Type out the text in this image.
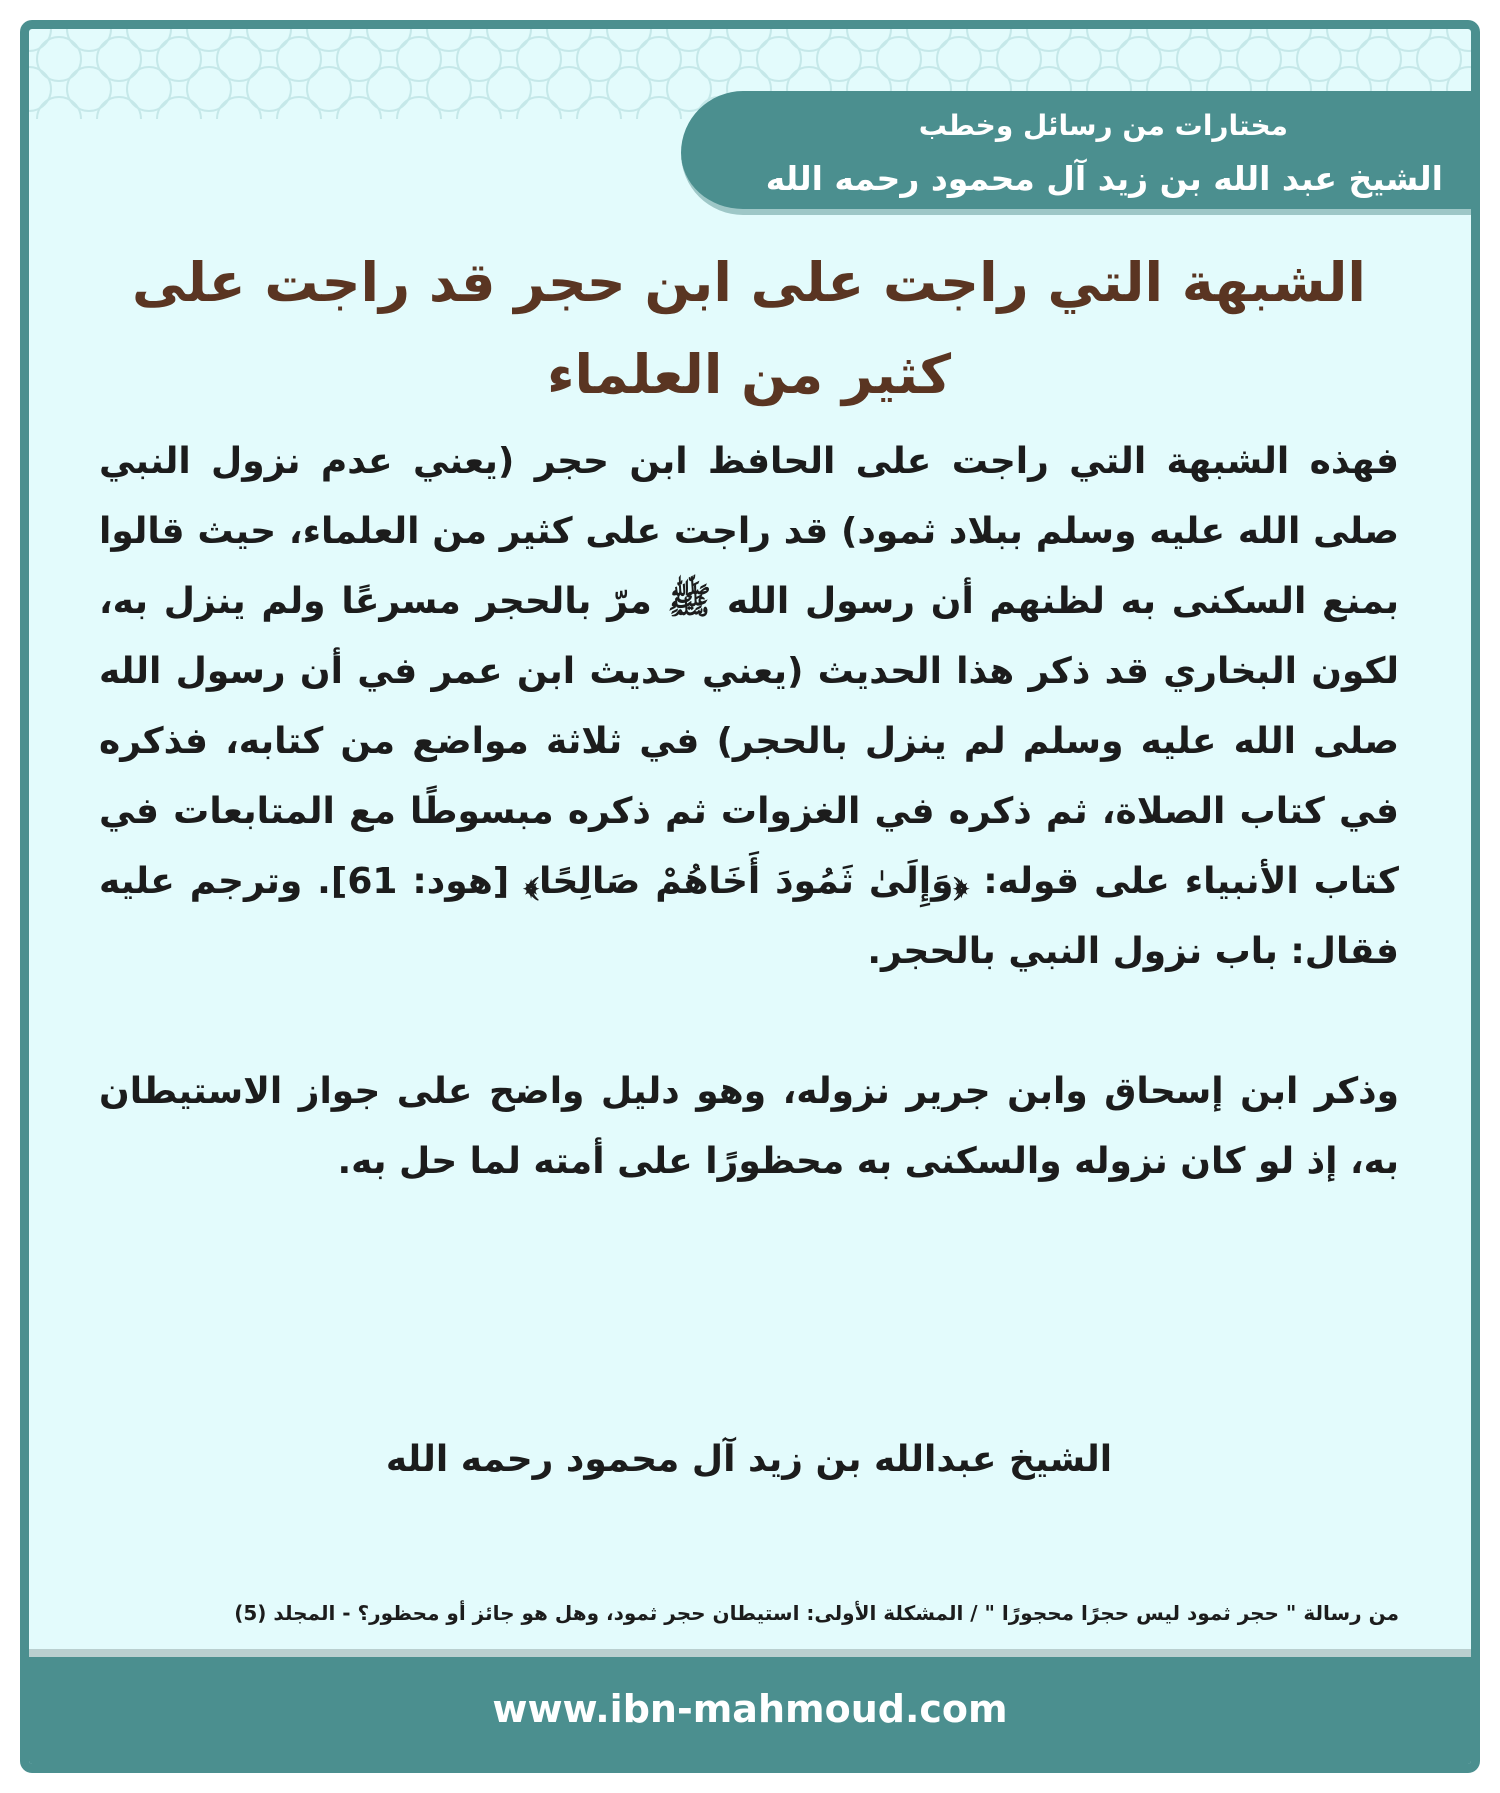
مختارات من رسائل وخطب
الشيخ عبد الله بن زيد آل محمود رحمه الله
الشبهة التي راجت على ابن حجر قد راجت على كثير من العلماء

فهذه الشبهة التي راجت على الحافظ ابن حجر (يعني عدم نزول النبي صلى الله عليه وسلم ببلاد ثمود) قد راجت على كثير من العلماء، حيث قالوا بمنع السكنى به لظنهم أن رسول الله ﷺ مرّ بالحجر مسرعًا ولم ينزل به، لكون البخاري قد ذكر هذا الحديث (يعني حديث ابن عمر في أن رسول الله صلى الله عليه وسلم لم ينزل بالحجر) في ثلاثة مواضع من كتابه، فذكره في كتاب الصلاة، ثم ذكره في الغزوات ثم ذكره مبسوطًا مع المتابعات في كتاب الأنبياء على قوله: ﴿وَإِلَىٰ ثَمُودَ أَخَاهُمْ صَالِحًا﴾ [هود: 61]. وترجم عليه فقال: باب نزول النبي بالحجر.

وذكر ابن إسحاق وابن جرير نزوله، وهو دليل واضح على جواز الاستيطان به، إذ لو كان نزوله والسكنى به محظورًا على أمته لما حل به.

الشيخ عبدالله بن زيد آل محمود رحمه الله
من رسالة " حجر ثمود ليس حجرًا محجورًا " / المشكلة الأولى: استيطان حجر ثمود، وهل هو جائز أو محظور؟ - المجلد (5)
www.ibn-mahmoud.com
